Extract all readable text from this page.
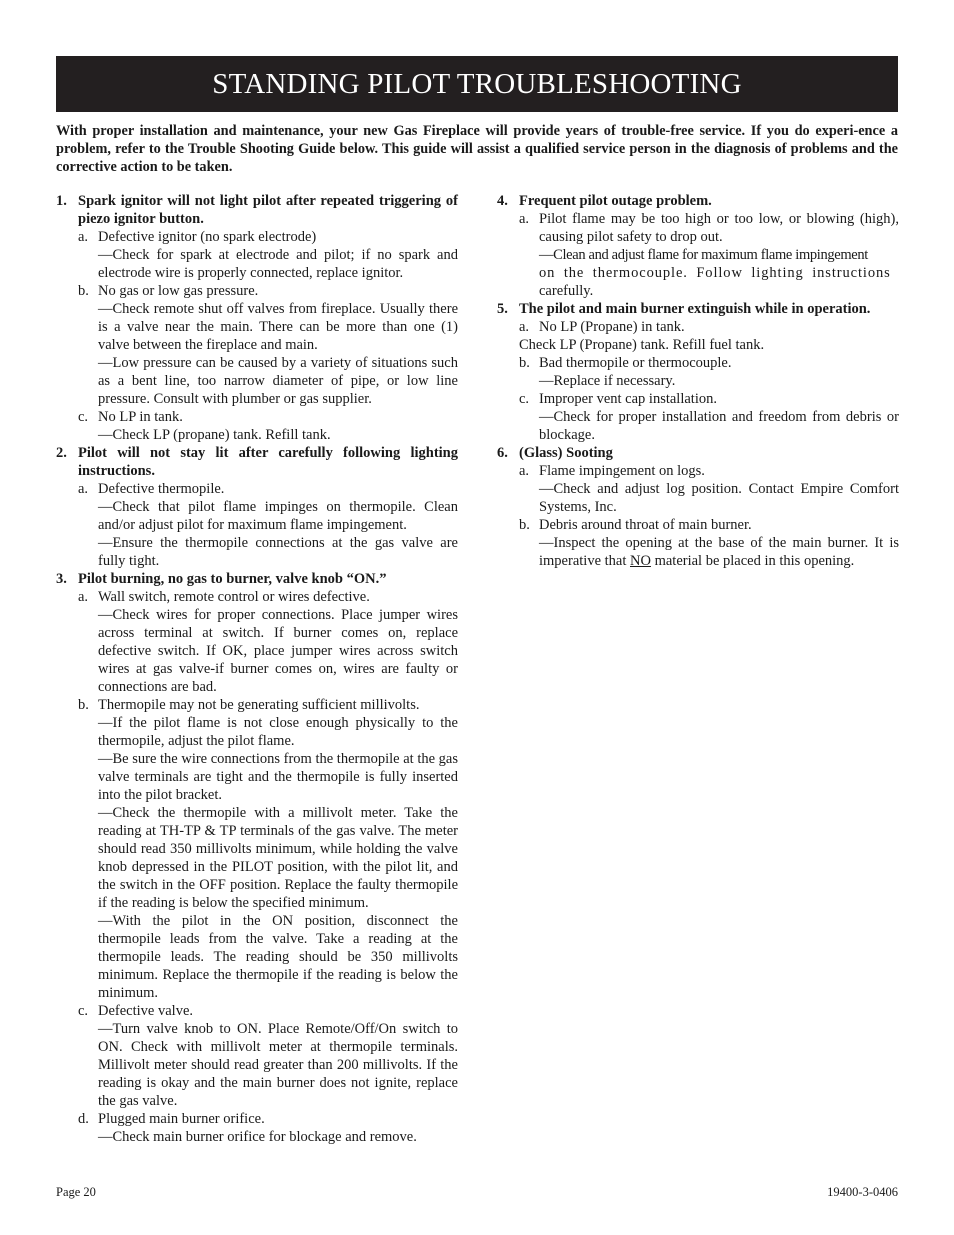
STANDING PILOT TROUBLESHOOTING

With proper installation and maintenance, your new Gas Fireplace will provide years of trouble-free service. If you do experi-ence a problem, refer to the Trouble Shooting Guide below. This guide will assist a qualified service person in the diagnosis of problems and the corrective action to be taken.

1. Spark ignitor will not light pilot after repeated triggering of piezo ignitor button.
a. Defective ignitor (no spark electrode)
—Check for spark at electrode and pilot; if no spark and electrode wire is properly connected, replace ignitor.
b. No gas or low gas pressure.
—Check remote shut off valves from fireplace. Usually there is a valve near the main. There can be more than one (1) valve between the fireplace and main.
—Low pressure can be caused by a variety of situations such as a bent line, too narrow diameter of pipe, or low line pressure. Consult with plumber or gas supplier.
c. No LP in tank.
—Check LP (propane) tank. Refill tank.
2. Pilot will not stay lit after carefully following lighting instructions.
a. Defective thermopile.
—Check that pilot flame impinges on thermopile. Clean and/or adjust pilot for maximum flame impingement.
—Ensure the thermopile connections at the gas valve are fully tight.
3. Pilot burning, no gas to burner, valve knob “ON.”
a. Wall switch, remote control or wires defective.
—Check wires for proper connections. Place jumper wires across terminal at switch. If burner comes on, replace defective switch. If OK, place jumper wires across switch wires at gas valve-if burner comes on, wires are faulty or connections are bad.
b. Thermopile may not be generating sufficient millivolts.
—If the pilot flame is not close enough physically to the thermopile, adjust the pilot flame.
—Be sure the wire connections from the thermopile at the gas valve terminals are tight and the thermopile is fully inserted into the pilot bracket.
—Check the thermopile with a millivolt meter. Take the reading at TH-TP & TP terminals of the gas valve. The meter should read 350 millivolts minimum, while holding the valve knob depressed in the PILOT position, with the pilot lit, and the switch in the OFF position. Replace the faulty thermopile if the reading is below the specified minimum.
—With the pilot in the ON position, disconnect the thermopile leads from the valve. Take a reading at the thermopile leads. The reading should be 350 millivolts minimum. Replace the thermopile if the reading is below the minimum.
c. Defective valve.
—Turn valve knob to ON. Place Remote/Off/On switch to ON. Check with millivolt meter at thermopile terminals. Millivolt meter should read greater than 200 millivolts. If the reading is okay and the main burner does not ignite, replace the gas valve.
d. Plugged main burner orifice.
—Check main burner orifice for blockage and remove.
4. Frequent pilot outage problem.
a. Pilot flame may be too high or too low, or blowing (high), causing pilot safety to drop out.
—Clean and adjust flame for maximum flame impingement
on the thermocouple. Follow lighting instructions
carefully.
5. The pilot and main burner extinguish while in operation.
a. No LP (Propane) in tank.
Check LP (Propane) tank. Refill fuel tank.
b. Bad thermopile or thermocouple.
—Replace if necessary.
c. Improper vent cap installation.
—Check for proper installation and freedom from debris or blockage.
6. (Glass) Sooting
a. Flame impingement on logs.
—Check and adjust log position. Contact Empire Comfort Systems, Inc.
b. Debris around throat of main burner.
—Inspect the opening at the base of the main burner. It is imperative that NO material be placed in this opening.
Page 20	19400-3-0406
